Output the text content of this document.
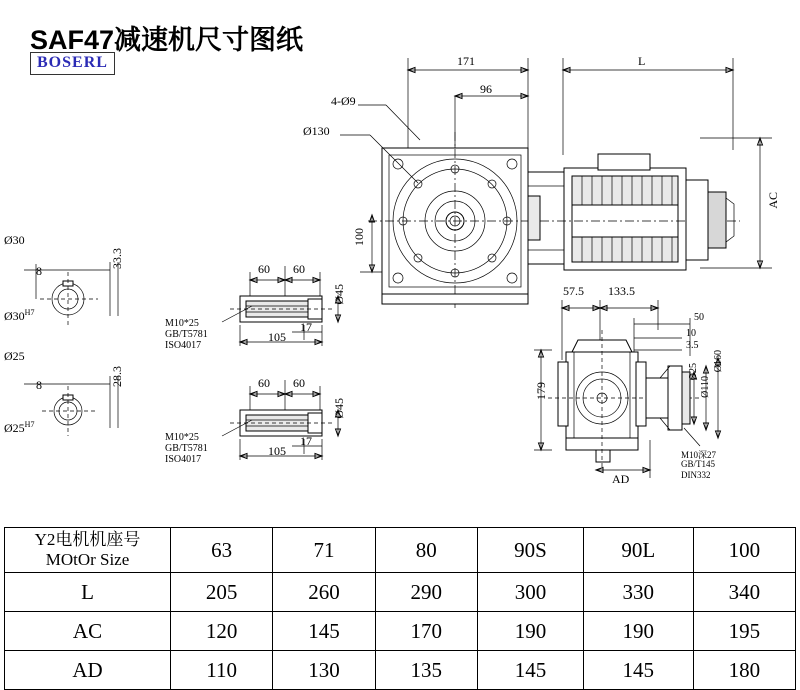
SAF47减速机尺寸图纸
BOSERL	171	L
96
4-Ø9
Ø130
100
AC
Ø30
8
33.3
$Ø30^{H7}$
Ø25
8	28.3
$Ø25^{H7}$
60 60
17
105
Ø45
M10*25
GB/T5781
ISO4017
60 60
17
105
Ø45
M10*25
GB/T5781
ISO4017
57.5 133.5
50
10
3.5
179
AD
Ø25
Ø110
Ø160
M10深27
GB/T145
DIN332
Y2电机机座号
MOtOr Size	63	71	80	90S	90L	100
L	205	260	290	300	330	340
AC	120	145	170	190	190	195
AD	110	130	135	145	145	180
